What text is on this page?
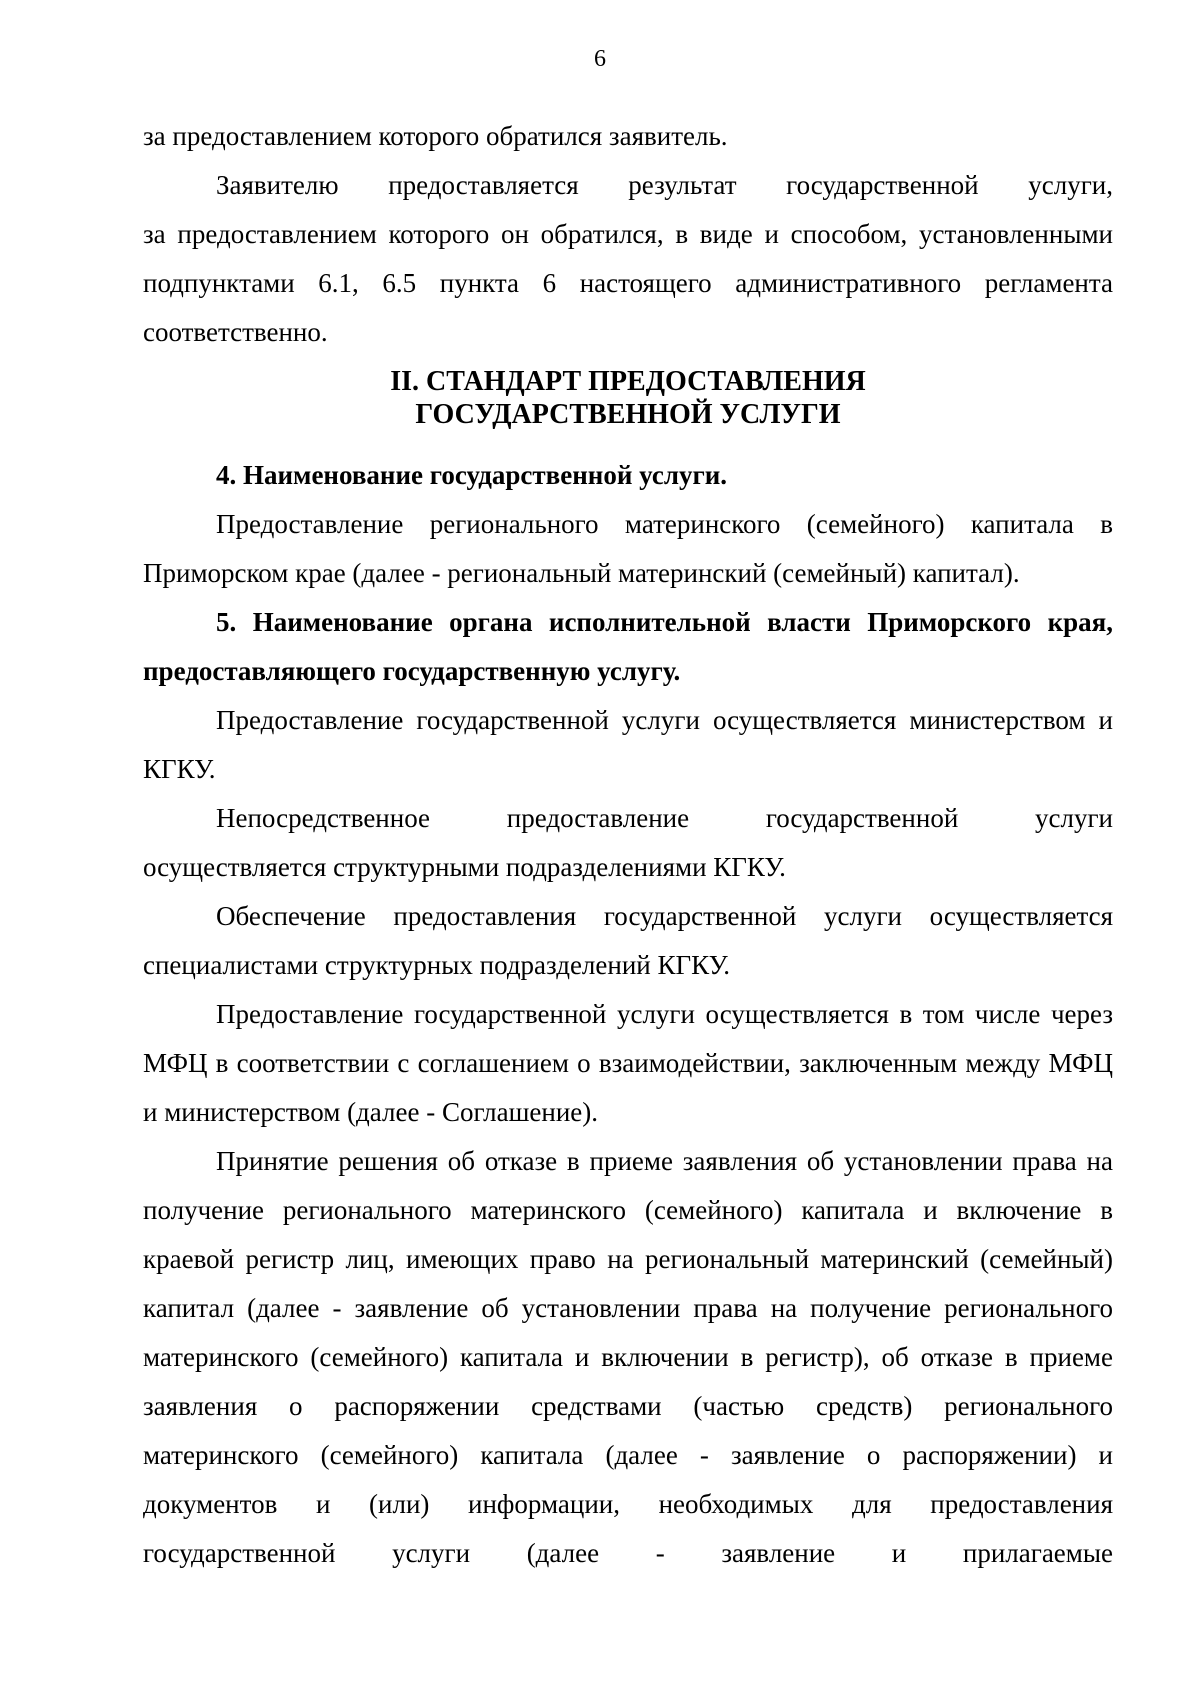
6

за предоставлением которого обратился заявитель.

Заявителю предоставляется результат государственной услуги,

за предоставлением которого он обратился, в виде и способом, установленными подпунктами 6.1, 6.5 пункта 6 настоящего административного регламента соответственно.

II. СТАНДАРТ ПРЕДОСТАВЛЕНИЯ
ГОСУДАРСТВЕННОЙ УСЛУГИ

4. Наименование государственной услуги.

Предоставление регионального материнского (семейного) капитала в Приморском крае (далее - региональный материнский (семейный) капитал).

5. Наименование органа исполнительной власти Приморского края, предоставляющего государственную услугу.

Предоставление государственной услуги осуществляется министерством и КГКУ.

Непосредственное предоставление государственной услуги

осуществляется структурными подразделениями КГКУ.

Обеспечение предоставления государственной услуги осуществляется специалистами структурных подразделений КГКУ.

Предоставление государственной услуги осуществляется в том числе через МФЦ в соответствии с соглашением о взаимодействии, заключенным между МФЦ и министерством (далее - Соглашение).

Принятие решения об отказе в приеме заявления об установлении права на получение регионального материнского (семейного) капитала и включение в краевой регистр лиц, имеющих право на региональный материнский (семейный) капитал (далее - заявление об установлении права на получение регионального материнского (семейного) капитала и включении в регистр), об отказе в приеме заявления о распоряжении средствами (частью средств) регионального материнского (семейного) капитала (далее - заявление о распоряжении) и документов и (или) информации, необходимых для предоставления государственной услуги (далее - заявление и прилагаемые
